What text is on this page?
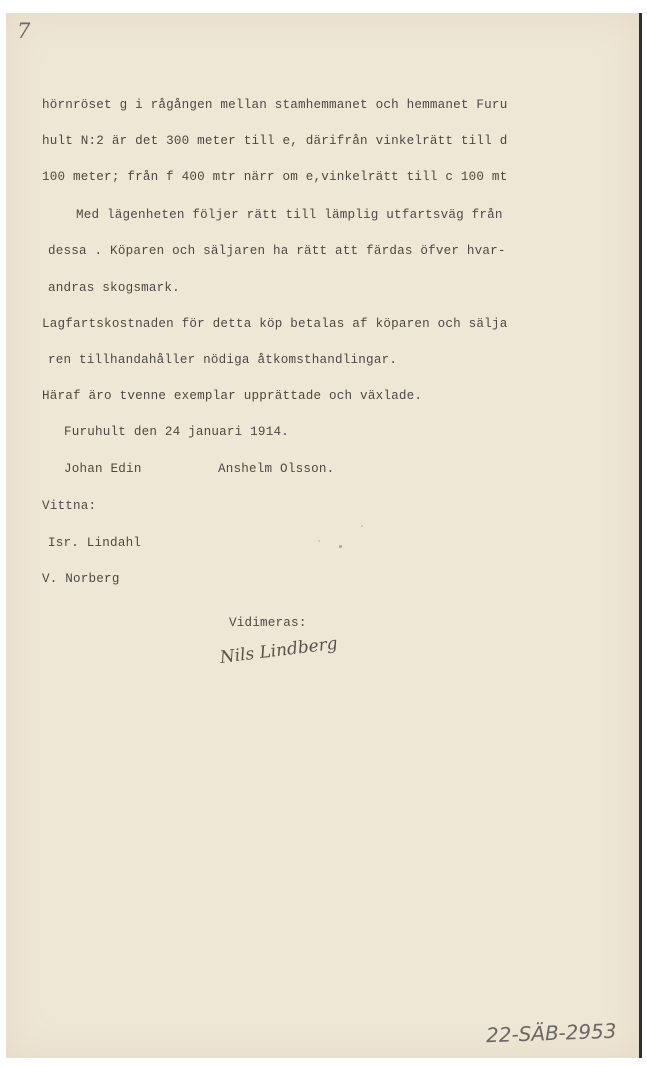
7
hörnröset g i rågången mellan stamhemmanet och hemmanet Furu
hult N:2 är det 300 meter till e, därifrån vinkelrätt till d
100 meter; från f 400 mtr närr om e,vinkelrätt till c 100 mt
Med lägenheten följer rätt till lämplig utfartsväg från
dessa . Köparen och säljaren ha rätt att färdas öfver hvar-
andras skogsmark.
Lagfartskostnaden för detta köp betalas af köparen och sälja
ren tillhandahåller nödiga åtkomsthandlingar.
Häraf äro tvenne exemplar upprättade och växlade.
Furuhult den 24 januari 1914.
Johan Edin	Anshelm Olsson.
Vittna:
Isr. Lindahl
V. Norberg
Vidimeras:
Nils Lindberg
22-SÄB-2953
